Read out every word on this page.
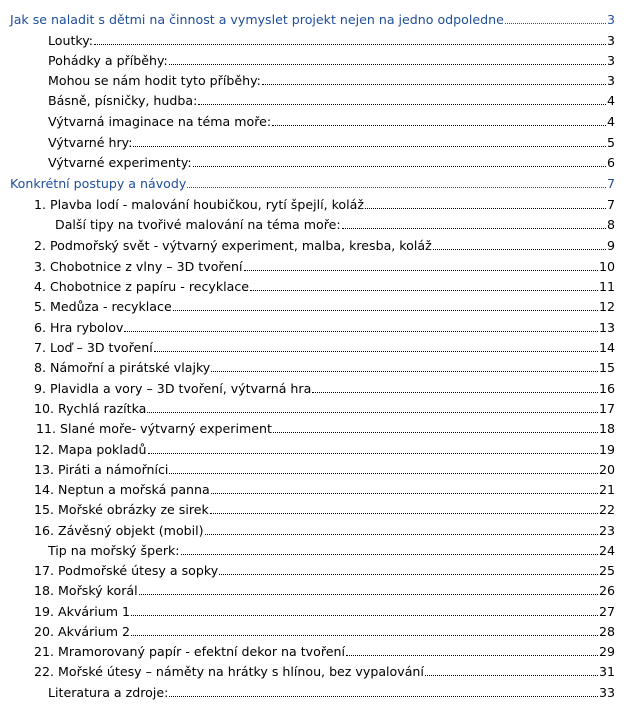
Jak se naladit s dětmi na činnost a vymyslet projekt nejen na jedno odpoledne	3
Loutky:	3
Pohádky a příběhy:	3
Mohou se nám hodit tyto příběhy:	3
Básně, písničky, hudba:	4
Výtvarná imaginace na téma moře:	4
Výtvarné hry:	5
Výtvarné experimenty:	6
Konkrétní postupy a návody	7
1. Plavba lodí - malování houbičkou, rytí špejlí, koláž	7
Další tipy na tvořivé malování na téma moře:	8
2. Podmořský svět - výtvarný experiment, malba, kresba, koláž	9
3. Chobotnice z vlny – 3D tvoření	10
4. Chobotnice z papíru - recyklace	11
5. Medůza - recyklace	12
6. Hra rybolov	13
7. Loď – 3D tvoření	14
8. Námořní a pirátské vlajky	15
9. Plavidla a vory – 3D tvoření, výtvarná hra	16
10. Rychlá razítka	17
11. Slané moře- výtvarný experiment	18
12. Mapa pokladů	19
13. Piráti a námořníci	20
14. Neptun a mořská panna	21
15. Mořské obrázky ze sirek	22
16. Závěsný objekt (mobil)	23
Tip na mořský šperk:	24
17. Podmořské útesy a sopky	25
18. Mořský korál	26
19. Akvárium 1	27
20. Akvárium 2	28
21. Mramorovaný papír - efektní dekor na tvoření	29
22. Mořské útesy – náměty na hrátky s hlínou, bez vypalování	31
Literatura a zdroje:	33
